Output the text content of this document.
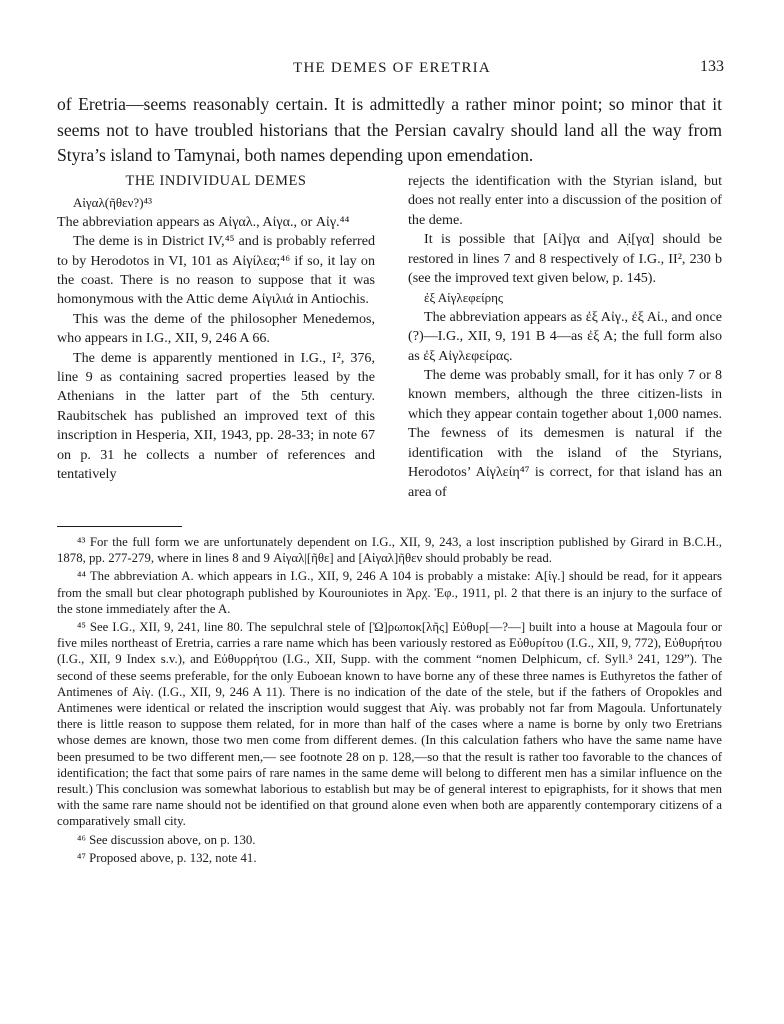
THE DEMES OF ERETRIA	133
of Eretria—seems reasonably certain. It is admittedly a rather minor point; so minor that it seems not to have troubled historians that the Persian cavalry should land all the way from Styra’s island to Tamynai, both names depending upon emendation.
THE INDIVIDUAL DEMES

Αἰγαλ(ῆθεν?)⁴³

The abbreviation appears as Αἰγαλ., Αἰγα., or Αἰγ.⁴⁴

The deme is in District IV,⁴⁵ and is probably referred to by Herodotos in VI, 101 as Αἰγίλεα;⁴⁶ if so, it lay on the coast. There is no reason to suppose that it was homonymous with the Attic deme Αἰγιλιά in Antiochis.

This was the deme of the philosopher Menedemos, who appears in I.G., XII, 9, 246 A 66.

The deme is apparently mentioned in I.G., I², 376, line 9 as containing sacred properties leased by the Athenians in the latter part of the 5th century. Raubitschek has published an improved text of this inscription in Hesperia, XII, 1943, pp. 28-33; in note 67 on p. 31 he collects a number of references and tentatively

rejects the identification with the Styrian island, but does not really enter into a discussion of the position of the deme.

It is possible that [Αἰ]γα and Α̣ἰ[γα] should be restored in lines 7 and 8 respectively of I.G., II², 230 b (see the improved text given below, p. 145).

ἐξ Αἰγλεφείρης

The abbreviation appears as ἐξ Αἰγ., ἐξ Αἰ., and once (?)—I.G., XII, 9, 191 B 4—as ἐξ Α; the full form also as ἐξ Αἰγλεφείρας.

The deme was probably small, for it has only 7 or 8 known members, although the three citizen-lists in which they appear contain together about 1,000 names. The fewness of its demesmen is natural if the identification with the island of the Styrians, Herodotos’ Αἰγλείη⁴⁷ is correct, for that island has an area of

⁴³ For the full form we are unfortunately dependent on I.G., XII, 9, 243, a lost inscription published by Girard in B.C.H., 1878, pp. 277-279, where in lines 8 and 9 Αἰγαλ|[ῆθε] and [Αἰγαλ]ῆθεν should probably be read.

⁴⁴ The abbreviation A. which appears in I.G., XII, 9, 246 A 104 is probably a mistake: Α[ἰγ.] should be read, for it appears from the small but clear photograph published by Kourouniotes in Ἀρχ. Ἐφ., 1911, pl. 2 that there is an injury to the surface of the stone immediately after the A.

⁴⁵ See I.G., XII, 9, 241, line 80. The sepulchral stele of [Ὠ]ρωποκ[λῆς] Εὐθυρ[––?––] built into a house at Magoula four or five miles northeast of Eretria, carries a rare name which has been variously restored as Εὐθυρίτου (I.G., XII, 9, 772), Εὐθυρήτου (I.G., XII, 9 Index s.v.), and Εὐθυρρήτου (I.G., XII, Supp. with the comment “nomen Delphicum, cf. Syll.³ 241, 129”). The second of these seems preferable, for the only Euboean known to have borne any of these three names is Euthyretos the father of Antimenes of Αἰγ. (I.G., XII, 9, 246 A 11). There is no indication of the date of the stele, but if the fathers of Oropokles and Antimenes were identical or related the inscription would suggest that Αἰγ. was probably not far from Magoula. Unfortunately there is little reason to suppose them related, for in more than half of the cases where a name is borne by only two Eretrians whose demes are known, those two men come from different demes. (In this calculation fathers who have the same name have been presumed to be two different men,— see footnote 28 on p. 128,—so that the result is rather too favorable to the chances of identification; the fact that some pairs of rare names in the same deme will belong to different men has a similar influence on the result.) This conclusion was somewhat laborious to establish but may be of general interest to epigraphists, for it shows that men with the same rare name should not be identified on that ground alone even when both are apparently contemporary citizens of a comparatively small city.

⁴⁶ See discussion above, on p. 130.

⁴⁷ Proposed above, p. 132, note 41.
